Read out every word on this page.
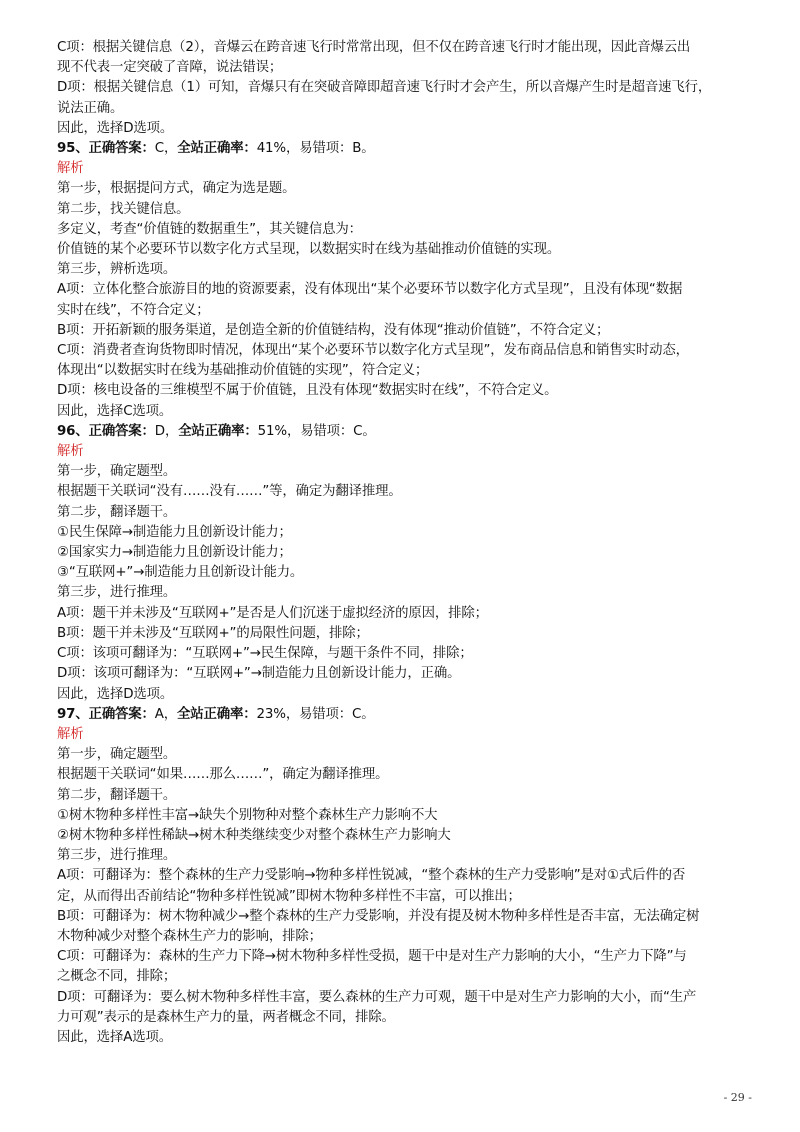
C项：根据关键信息（2），音爆云在跨音速飞行时常常出现，但不仅在跨音速飞行时才能出现，因此音爆云出
现不代表一定突破了音障，说法错误；
D项：根据关键信息（1）可知，音爆只有在突破音障即超音速飞行时才会产生，所以音爆产生时是超音速飞行，
说法正确。
因此，选择D选项。
95、正确答案：C，全站正确率：41%，易错项：B。
解析
第一步，根据提问方式，确定为选是题。
第二步，找关键信息。
多定义，考查“价值链的数据重生”，其关键信息为：
价值链的某个必要环节以数字化方式呈现，以数据实时在线为基础推动价值链的实现。
第三步，辨析选项。
A项：立体化整合旅游目的地的资源要素，没有体现出“某个必要环节以数字化方式呈现”，且没有体现“数据
实时在线”，不符合定义；
B项：开拓新颖的服务渠道，是创造全新的价值链结构，没有体现“推动价值链”，不符合定义；
C项：消费者查询货物即时情况，体现出“某个必要环节以数字化方式呈现”，发布商品信息和销售实时动态，
体现出“以数据实时在线为基础推动价值链的实现”，符合定义；
D项：核电设备的三维模型不属于价值链，且没有体现“数据实时在线”，不符合定义。
因此，选择C选项。
96、正确答案：D，全站正确率：51%，易错项：C。
解析
第一步，确定题型。
根据题干关联词“没有……没有……”等，确定为翻译推理。
第二步，翻译题干。
①民生保障→制造能力且创新设计能力；
②国家实力→制造能力且创新设计能力；
③“互联网+”→制造能力且创新设计能力。
第三步，进行推理。
A项：题干并未涉及“互联网+”是否是人们沉迷于虚拟经济的原因，排除；
B项：题干并未涉及“互联网+”的局限性问题，排除；
C项：该项可翻译为：“互联网+”→民生保障，与题干条件不同，排除；
D项：该项可翻译为：“互联网+”→制造能力且创新设计能力，正确。
因此，选择D选项。
97、正确答案：A，全站正确率：23%，易错项：C。
解析
第一步，确定题型。
根据题干关联词“如果……那么……”，确定为翻译推理。
第二步，翻译题干。
①树木物种多样性丰富→缺失个别物种对整个森林生产力影响不大
②树木物种多样性稀缺→树木种类继续变少对整个森林生产力影响大
第三步，进行推理。
A项：可翻译为：整个森林的生产力受影响→物种多样性锐减，“整个森林的生产力受影响”是对①式后件的否
定，从而得出否前结论“物种多样性锐减”即树木物种多样性不丰富，可以推出；
B项：可翻译为：树木物种减少→整个森林的生产力受影响，并没有提及树木物种多样性是否丰富，无法确定树
木物种减少对整个森林生产力的影响，排除；
C项：可翻译为：森林的生产力下降→树木物种多样性受损，题干中是对生产力影响的大小，“生产力下降”与
之概念不同，排除；
D项：可翻译为：要么树木物种多样性丰富，要么森林的生产力可观，题干中是对生产力影响的大小，而“生产
力可观”表示的是森林生产力的量，两者概念不同，排除。
因此，选择A选项。
- 29 -
